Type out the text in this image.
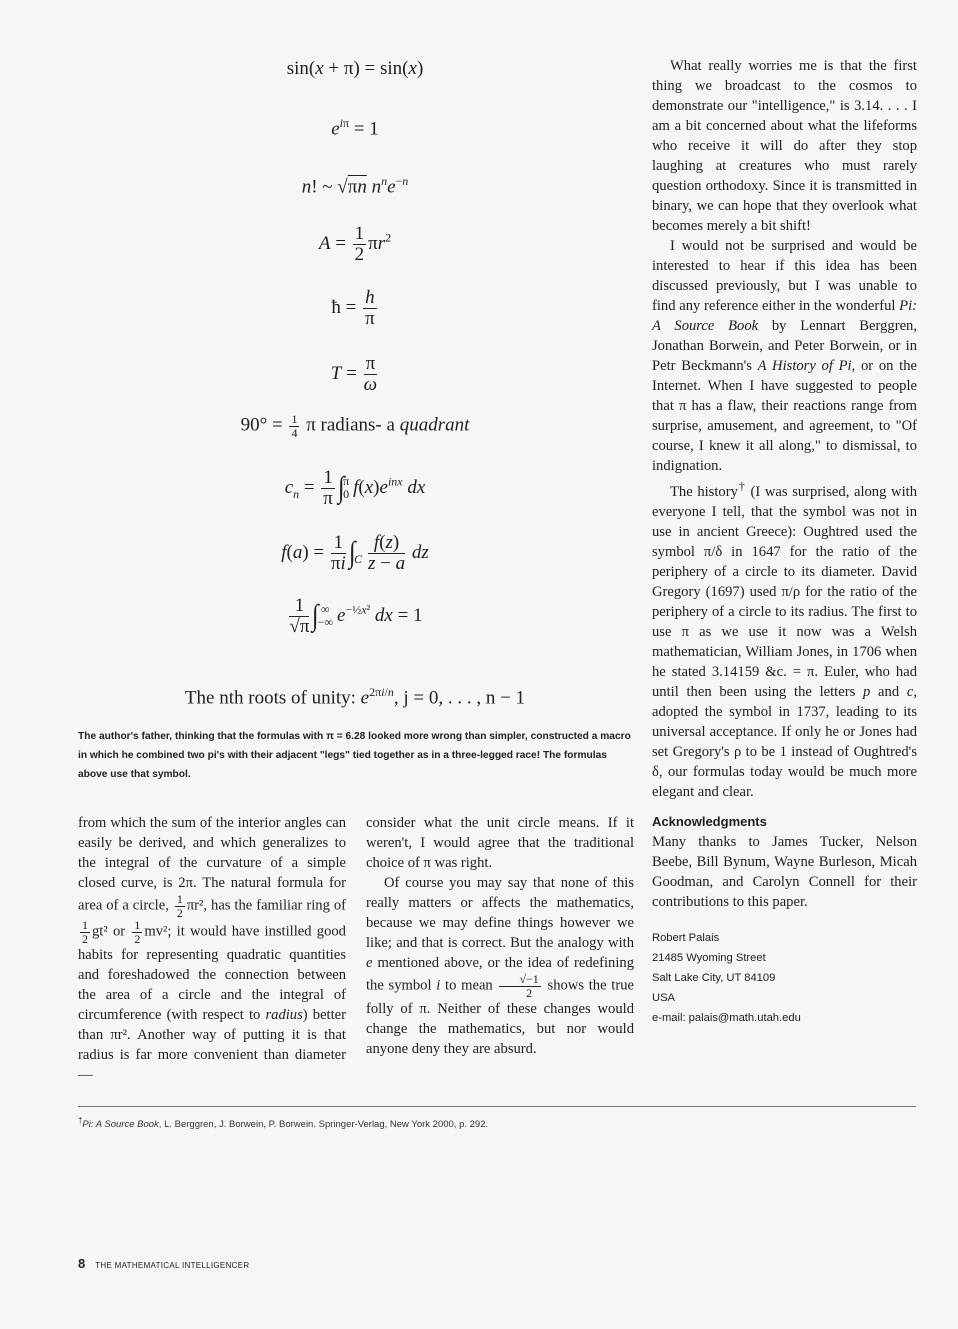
sin(x + π) = sin(x)
$e^{i\pi} = 1$
n! ~ √πn $n^ne^{-n}$
$A = \frac{1}{2} \pi r^2$
ħ = $\frac{h}{\pi}$
$T = \frac{\pi}{\omega}$
$90^\circ = \frac{1}{4}$ π radians- a quadrant
$c_n = \frac{1}{\pi}$ ∫
π
0 $f(x)e^{inx}$ dx
$f(a) = \frac{1}{\pi i}$ ∫

C $\frac{f(z)}{z - a}$ dz
$\frac{1}{√\pi}$ ∫ ∞
−∞ $e^{-\frac{1}{2}x^2}$ dx = 1
The nth roots of unity: $e^{2\pi i/n}$, j = 0, . . . , n − 1
The author's father, thinking that the formulas with π = 6.28 looked more wrong than simpler, constructed a macro in which he combined two pi's with their adjacent "legs" tied together as in a three-legged race! The formulas above use that symbol.

from which the sum of the interior angles can easily be derived, and which generalizes to the integral of the curvature of a simple closed curve, is 2π. The natural formula for area of a circle, $\frac{1}{2} \pi r^2$, has the familiar ring of
$\frac{1}{2} gt^2$ or $\frac{1}{2} mv^2$; it would have instilled good habits for representing quadratic quantities and foreshadowed the connection between the area of a circle and the integral of circumference (with respect to radius) better than πr². Another way of putting it is that radius is far more convenient than diameter—

consider what the unit circle means. If it weren't, I would agree that the traditional choice of π was right.

Of course you may say that none of this really matters or affects the mathematics, because we may define things however we like; and that is correct. But the analogy with e mentioned above, or the idea of redefining the symbol i to mean $\frac{√-1}{2}$ shows the true folly of π. Neither of these changes would change the mathematics, but nor would anyone deny they are absurd.

What really worries me is that the first thing we broadcast to the cosmos to demonstrate our "intelligence," is 3.14. . . . I am a bit concerned about what the lifeforms who receive it will do after they stop laughing at creatures who must rarely question orthodoxy. Since it is transmitted in binary, we can hope that they overlook what becomes merely a bit shift!

I would not be surprised and would be interested to hear if this idea has been discussed previously, but I was unable to find any reference either in the wonderful Pi: A Source Book by Lennart Berggren, Jonathan Borwein, and Peter Borwein, or in Petr Beckmann's A History of Pi, or on the Internet. When I have suggested to people that π has a flaw, their reactions range from surprise, amusement, and agreement, to "Of course, I knew it all along," to dismissal, to indignation.

The history† (I was surprised, along with everyone I tell, that the symbol was not in use in ancient Greece): Oughtred used the symbol π/δ in 1647 for the ratio of the periphery of a circle to its diameter. David Gregory (1697) used π/ρ for the ratio of the periphery of a circle to its radius. The first to use π as we use it now was a Welsh mathematician, William Jones, in 1706 when he stated 3.14159 &c. = π. Euler, who had until then been using the letters p and c, adopted the symbol in 1737, leading to its universal acceptance. If only he or Jones had set Gregory's ρ to be 1 instead of Oughtred's δ, our formulas today would be much more elegant and clear.

Acknowledgments

Many thanks to James Tucker, Nelson Beebe, Bill Bynum, Wayne Burleson, Micah Goodman, and Carolyn Connell for their contributions to this paper.

Robert Palais
21485 Wyoming Street
Salt Lake City, UT 84109
USA
e-mail: palais@math.utah.edu
†Pi: A Source Book, L. Berggren, J. Borwein, P. Borwein. Springer-Verlag, New York 2000, p. 292.
8 THE MATHEMATICAL INTELLIGENCER
